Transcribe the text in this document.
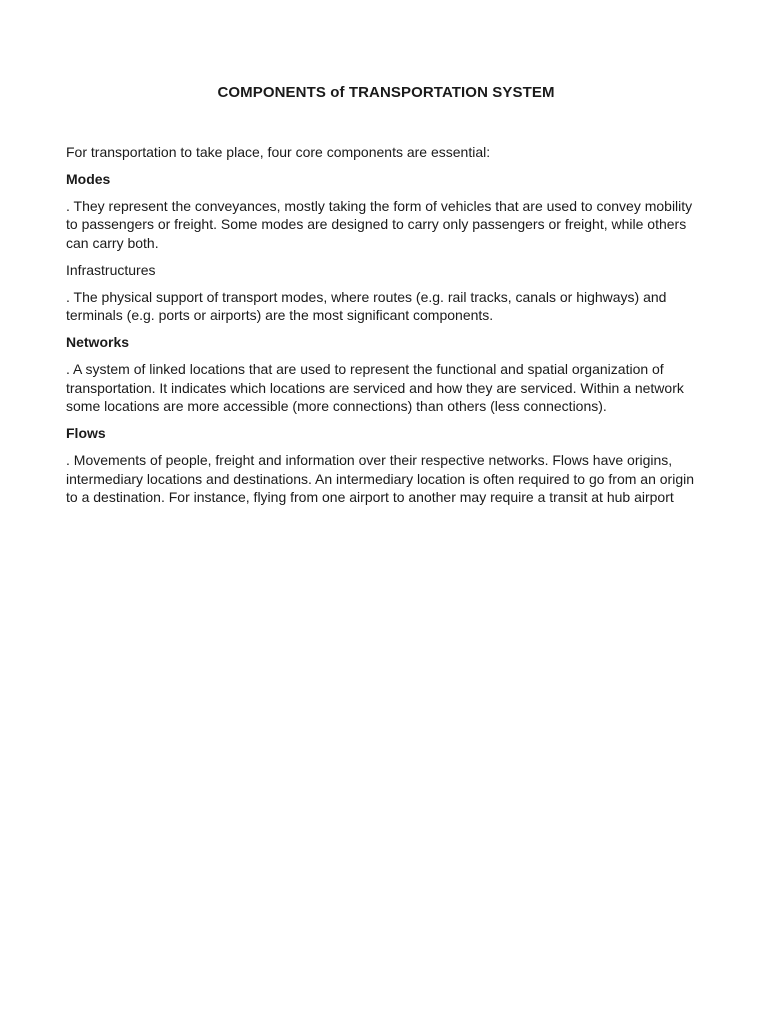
COMPONENTS of TRANSPORTATION SYSTEM

For transportation to take place, four core components are essential:

Modes

. They represent the conveyances, mostly taking the form of vehicles that are used to convey mobility to passengers or freight. Some modes are designed to carry only passengers or freight, while others can carry both.

Infrastructures

. The physical support of transport modes, where routes (e.g. rail tracks, canals or highways) and terminals (e.g. ports or airports) are the most significant components.

Networks

. A system of linked locations that are used to represent the functional and spatial organization of transportation. It indicates which locations are serviced and how they are serviced. Within a network some locations are more accessible (more connections) than others (less connections).

Flows

. Movements of people, freight and information over their respective networks. Flows have origins, intermediary locations and destinations. An intermediary location is often required to go from an origin to a destination. For instance, flying from one airport to another may require a transit at hub airport
